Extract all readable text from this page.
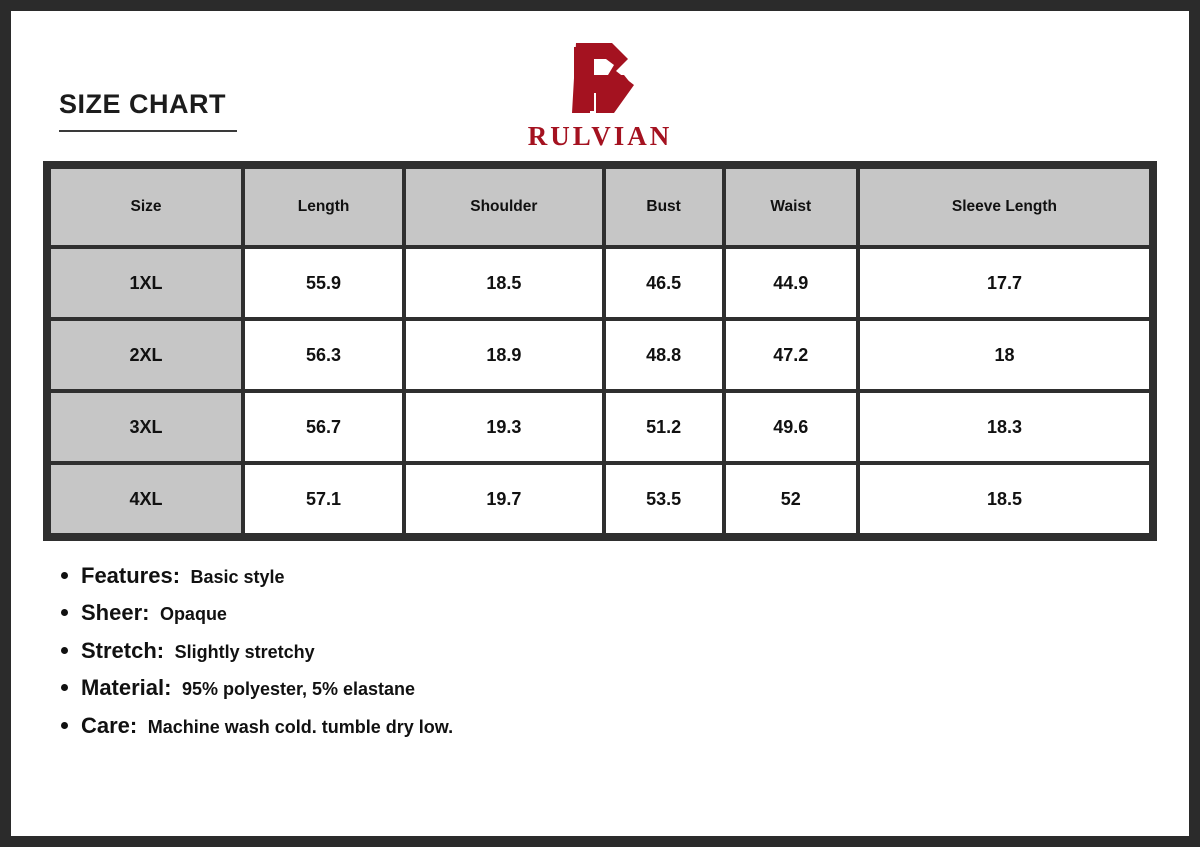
SIZE CHART
RULVIAN
Size	Length	Shoulder	Bust	Waist	Sleeve Length
1XL	55.9	18.5	46.5	44.9	17.7
2XL	56.3	18.9	48.8	47.2	18
3XL	56.7	19.3	51.2	49.6	18.3
4XL	57.1	19.7	53.5	52	18.5
Features: Basic style
Sheer: Opaque
Stretch: Slightly stretchy
Material: 95% polyester, 5% elastane
Care: Machine wash cold. tumble dry low.
